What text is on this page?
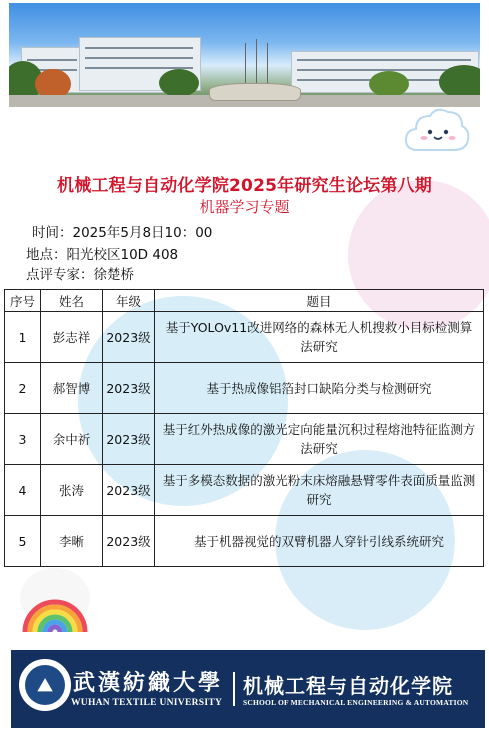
机械工程与自动化学院2025年研究生论坛第八期
机器学习专题
时间：2025年5月8日10：00
地点：阳光校区10D 408
点评专家：徐楚桥
序号	姓名	年级	题目
1	彭志祥	2023级	基于YOLOv11改进网络的森林无人机搜救小目标检测算法研究
2	郝智博	2023级	基于热成像铝箔封口缺陷分类与检测研究
3	余中祈	2023级	基于红外热成像的激光定向能量沉积过程熔池特征监测方法研究
4	张涛	2023级	基于多模态数据的激光粉末床熔融悬臂零件表面质量监测研究
5	李晰	2023级	基于机器视觉的双臂机器人穿针引线系统研究
⛰ 武漢紡織大學
WUHAN TEXTILE UNIVERSITY
机械工程与自动化学院
SCHOOL OF MECHANICAL ENGINEERING & AUTOMATION
